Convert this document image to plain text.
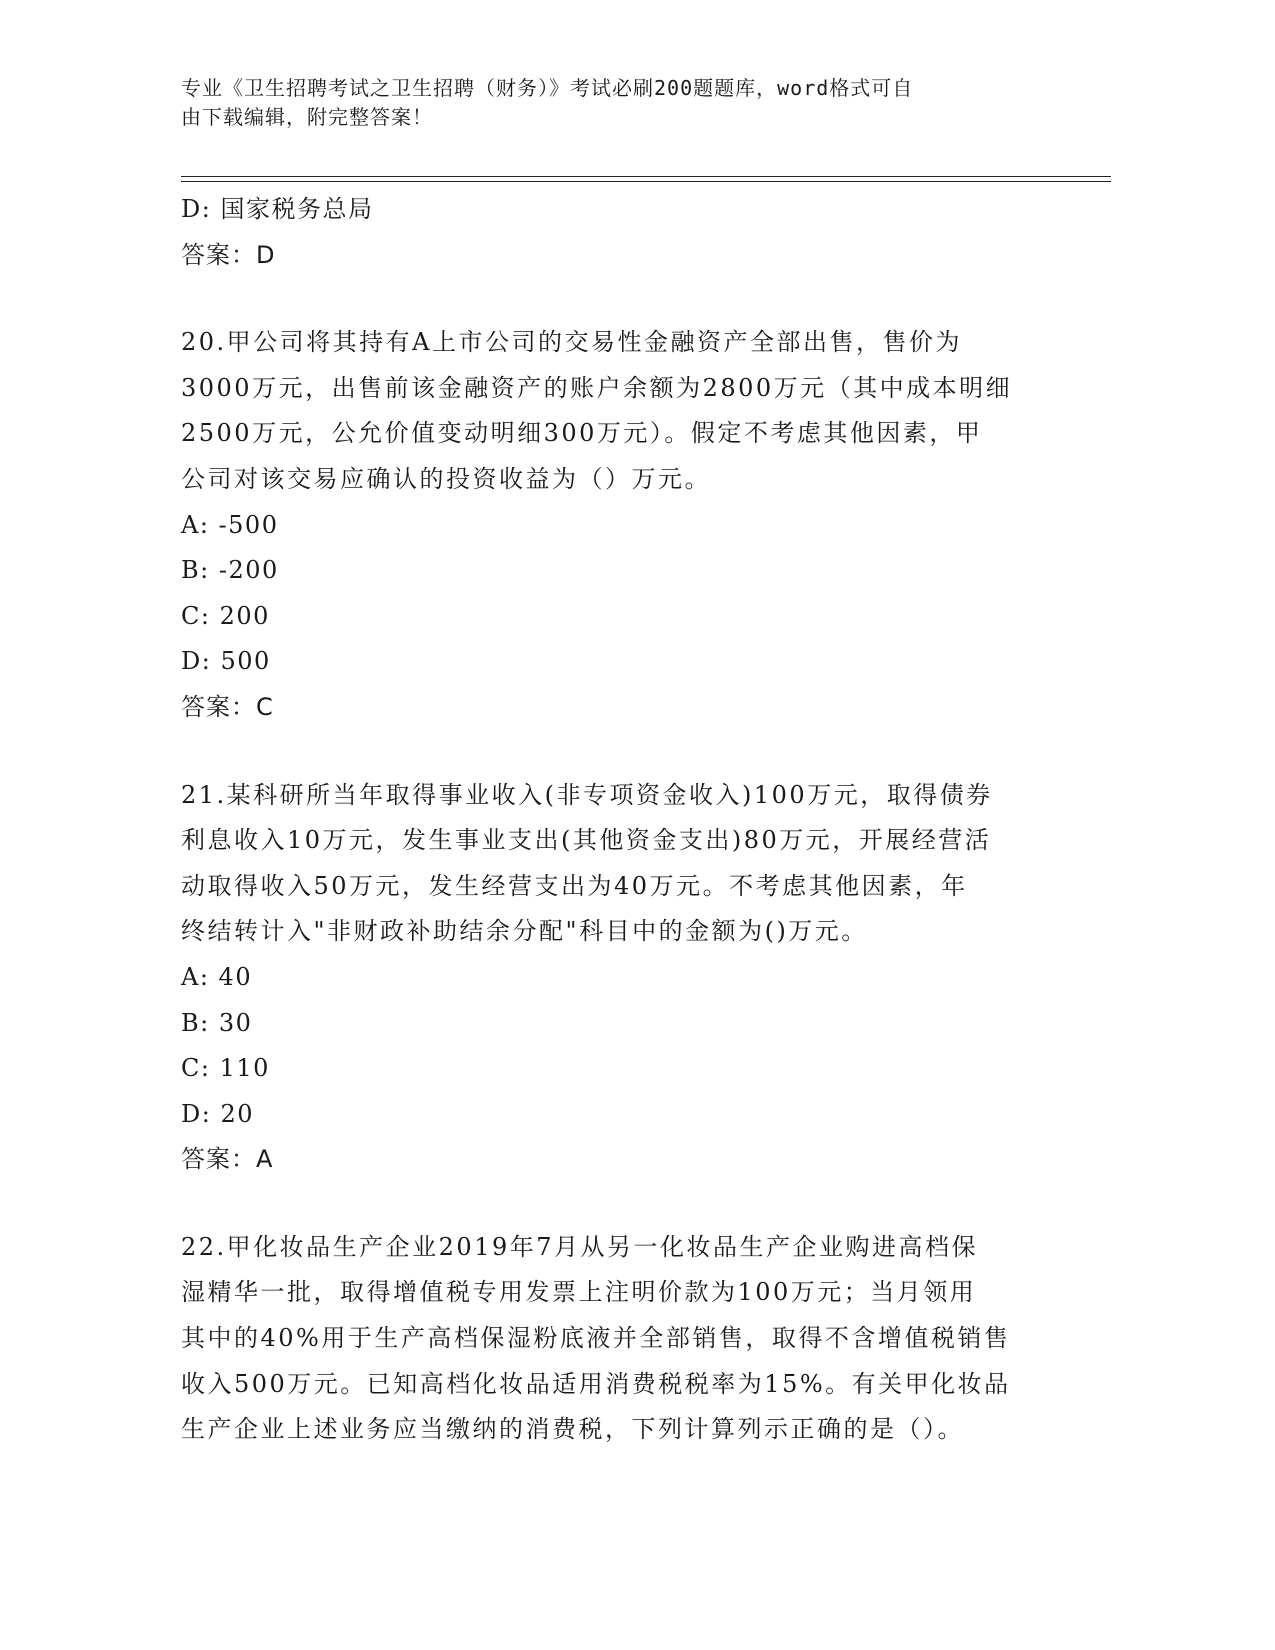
专业《卫生招聘考试之卫生招聘（财务）》考试必刷200题题库，word格式可自
由下载编辑，附完整答案！
D: 国家税务总局
答案：D
20.甲公司将其持有A上市公司的交易性金融资产全部出售，售价为
3000万元，出售前该金融资产的账户余额为2800万元（其中成本明细
2500万元，公允价值变动明细300万元）。假定不考虑其他因素，甲
公司对该交易应确认的投资收益为（）万元。
A: -500
B: -200
C: 200
D: 500
答案：C
21.某科研所当年取得事业收入(非专项资金收入)100万元，取得债券
利息收入10万元，发生事业支出(其他资金支出)80万元，开展经营活
动取得收入50万元，发生经营支出为40万元。不考虑其他因素，年
终结转计入"非财政补助结余分配"科目中的金额为()万元。
A: 40
B: 30
C: 110
D: 20
答案：A
22.甲化妆品生产企业2019年7月从另一化妆品生产企业购进高档保
湿精华一批，取得增值税专用发票上注明价款为100万元；当月领用
其中的40%用于生产高档保湿粉底液并全部销售，取得不含增值税销售
收入500万元。已知高档化妆品适用消费税税率为15%。有关甲化妆品
生产企业上述业务应当缴纳的消费税，下列计算列示正确的是（）。
